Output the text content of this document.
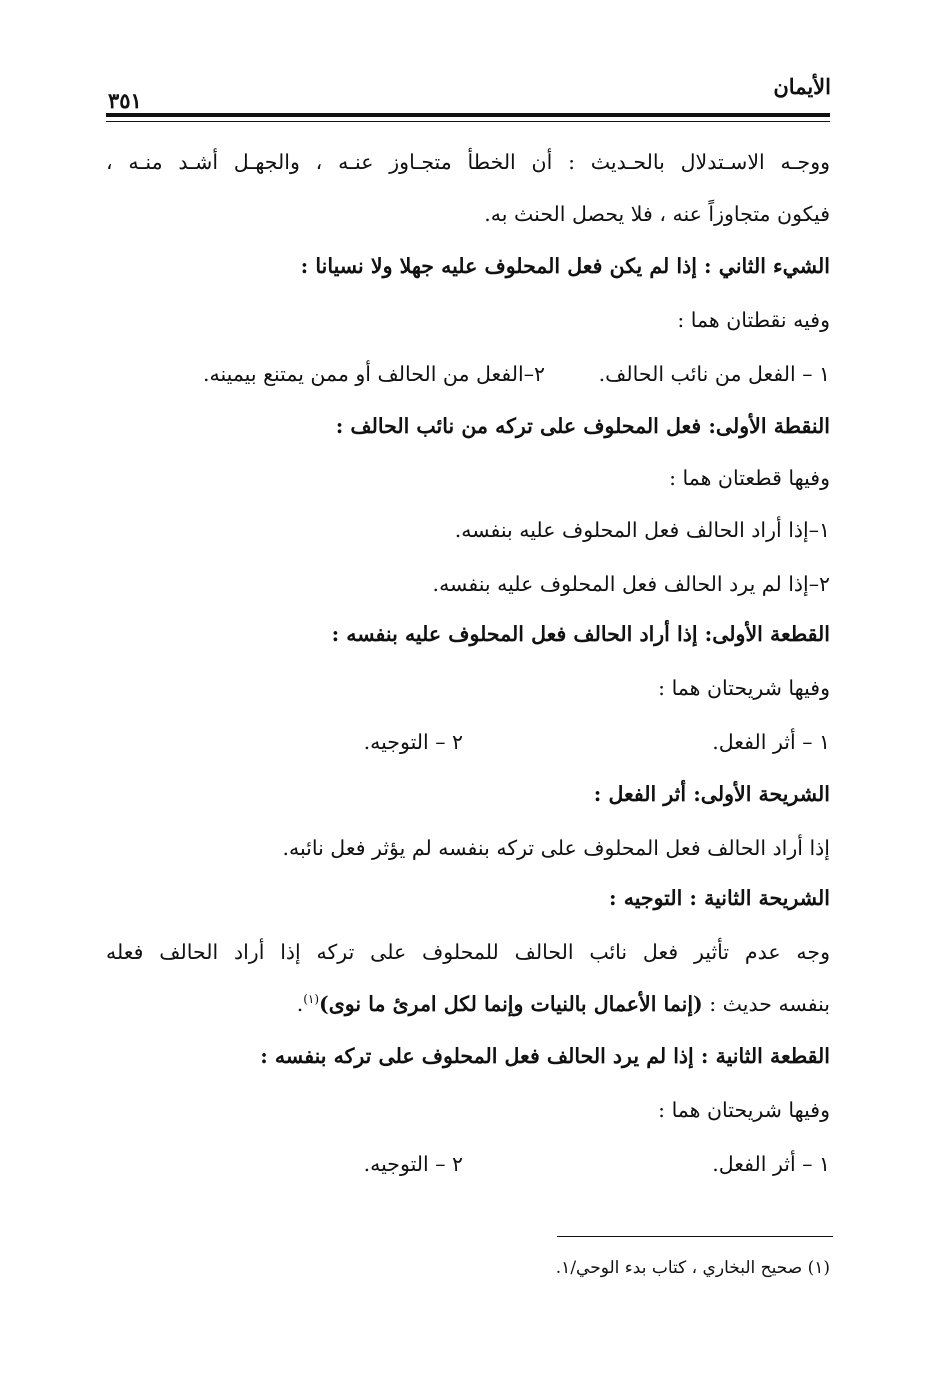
الأيمان
٣٥١
ووجـه الاسـتدلال بالحـديث : أن الخطأ متجـاوز عنـه ، والجهـل أشـد منـه ،
فيكون متجاوزاً عنه ، فلا يحصل الحنث به.
الشيء الثاني : إذا لم يكن فعل المحلوف عليه جهلا ولا نسيانا :
وفيه نقطتان هما :
١ – الفعل من نائب الحالف.
٢–الفعل من الحالف أو ممن يمتنع بيمينه.
النقطة الأولى: فعل المحلوف على تركه من نائب الحالف :
وفيها قطعتان هما :
١–إذا أراد الحالف فعل المحلوف عليه بنفسه.
٢–إذا لم يرد الحالف فعل المحلوف عليه بنفسه.
القطعة الأولى: إذا أراد الحالف فعل المحلوف عليه بنفسه :
وفيها شريحتان هما :
١ – أثر الفعل.
٢ – التوجيه.
الشريحة الأولى: أثر الفعل :
إذا أراد الحالف فعل المحلوف على تركه بنفسه لم يؤثر فعل نائبه.
الشريحة الثانية : التوجيه :
وجه عدم تأثير فعل نائب الحالف للمحلوف على تركه إذا أراد الحالف فعله
بنفسه حديث : (إنما الأعمال بالنيات وإنما لكل امرئ ما نوى)$^{(١)}$.
القطعة الثانية : إذا لم يرد الحالف فعل المحلوف على تركه بنفسه :
وفيها شريحتان هما :
١ – أثر الفعل.
٢ – التوجيه.
(١) صحيح البخاري ، كتاب بدء الوحي/١.
